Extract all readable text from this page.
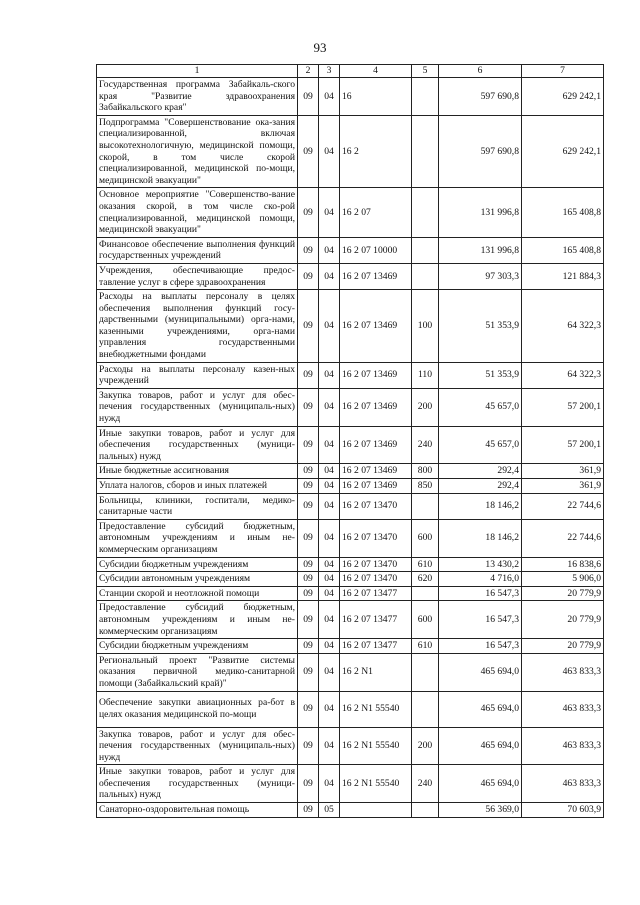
93
1	2	3	4	5	6	7
Государственная программа Забайкаль-ского края "Развитие здравоохранения Забайкальского края"	09	04	16		597 690,8	629 242,1
Подпрограмма "Совершенствование ока-зания специализированной, включая высокотехнологичную, медицинской помощи, скорой, в том числе скорой специализированной, медицинской по-мощи, медицинской эвакуации"	09	04	16 2		597 690,8	629 242,1
Основное мероприятие "Совершенство-вание оказания скорой, в том числе ско-рой специализированной, медицинской помощи, медицинской эвакуации"	09	04	16 2 07		131 996,8	165 408,8
Финансовое обеспечение выполнения функций государственных учреждений	09	04	16 2 07 10000		131 996,8	165 408,8
Учреждения, обеспечивающие предос-тавление услуг в сфере здравоохранения	09	04	16 2 07 13469		97 303,3	121 884,3
Расходы на выплаты персоналу в целях обеспечения выполнения функций госу-дарственными (муниципальными) орга-нами, казенными учреждениями, орга-нами управления государственными внебюджетными фондами	09	04	16 2 07 13469	100	51 353,9	64 322,3
Расходы на выплаты персоналу казен-ных учреждений	09	04	16 2 07 13469	110	51 353,9	64 322,3
Закупка товаров, работ и услуг для обес-печения государственных (муниципаль-ных) нужд	09	04	16 2 07 13469	200	45 657,0	57 200,1
Иные закупки товаров, работ и услуг для обеспечения государственных (муници-пальных) нужд	09	04	16 2 07 13469	240	45 657,0	57 200,1
Иные бюджетные ассигнования	09	04	16 2 07 13469	800	292,4	361,9
Уплата налогов, сборов и иных платежей	09	04	16 2 07 13469	850	292,4	361,9
Больницы, клиники, госпитали, медико-санитарные части	09	04	16 2 07 13470		18 146,2	22 744,6
Предоставление субсидий бюджетным, автономным учреждениям и иным не-коммерческим организациям	09	04	16 2 07 13470	600	18 146,2	22 744,6
Субсидии бюджетным учреждениям	09	04	16 2 07 13470	610	13 430,2	16 838,6
Субсидии автономным учреждениям	09	04	16 2 07 13470	620	4 716,0	5 906,0
Станции скорой и неотложной помощи	09	04	16 2 07 13477		16 547,3	20 779,9
Предоставление субсидий бюджетным, автономным учреждениям и иным не-коммерческим организациям	09	04	16 2 07 13477	600	16 547,3	20 779,9
Субсидии бюджетным учреждениям	09	04	16 2 07 13477	610	16 547,3	20 779,9
Региональный проект "Развитие системы оказания первичной медико-санитарной помощи (Забайкальский край)"	09	04	16 2 N1		465 694,0	463 833,3
Обеспечение закупки авиационных ра-бот в целях оказания медицинской по-мощи	09	04	16 2 N1 55540		465 694,0	463 833,3
Закупка товаров, работ и услуг для обес-печения государственных (муниципаль-ных) нужд	09	04	16 2 N1 55540	200	465 694,0	463 833,3
Иные закупки товаров, работ и услуг для обеспечения государственных (муници-пальных) нужд	09	04	16 2 N1 55540	240	465 694,0	463 833,3
Санаторно-оздоровительная помощь	09	05			56 369,0	70 603,9
